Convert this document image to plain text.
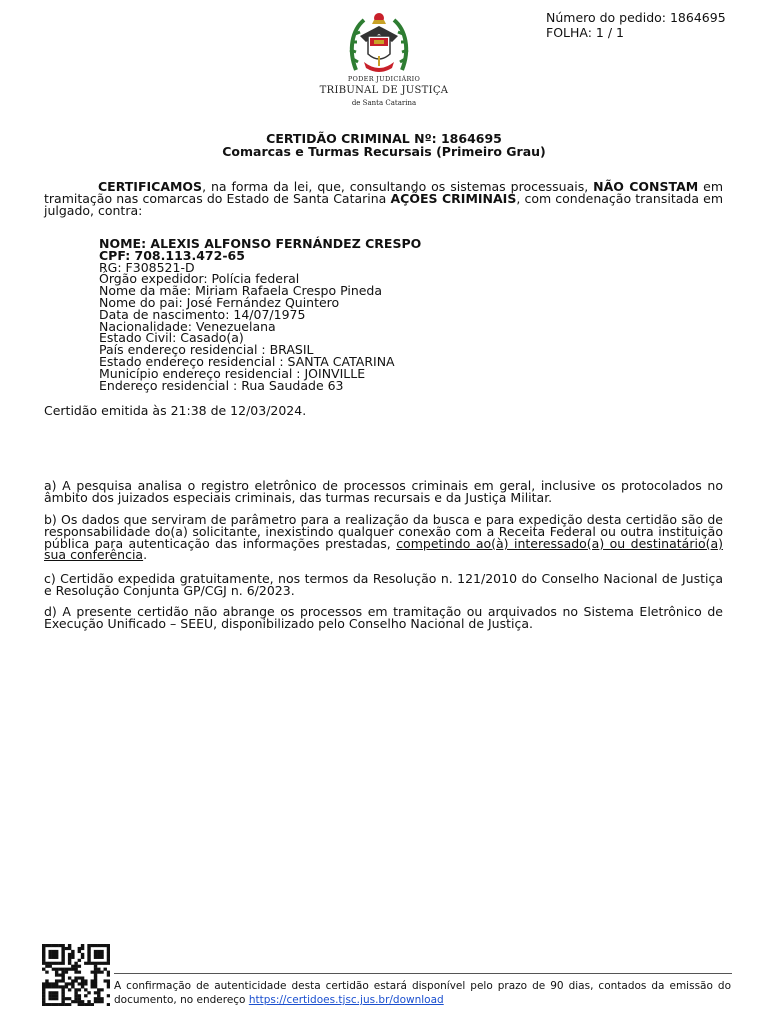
Número do pedido: 1864695
FOLHA: 1 / 1
PODER JUDICIÁRIO
TRIBUNAL DE JUSTIÇA
de Santa Catarina
CERTIDÃO CRIMINAL Nº: 1864695
Comarcas e Turmas Recursais (Primeiro Grau)
CERTIFICAMOS, na forma da lei, que, consultando os sistemas processuais, NÃO CONSTAM em tramitação nas comarcas do Estado de Santa Catarina AÇÕES CRIMINAIS, com condenação transitada em julgado, contra:
NOME: ALEXIS ALFONSO FERNÁNDEZ CRESPO
CPF: 708.113.472-65
RG: F308521-D
Órgão expedidor: Polícia federal
Nome da mãe: Miriam Rafaela Crespo Pineda
Nome do pai: José Fernández Quintero
Data de nascimento: 14/07/1975
Nacionalidade: Venezuelana
Estado Civil: Casado(a)
País endereço residencial : BRASIL
Estado endereço residencial : SANTA CATARINA
Município endereço residencial : JOINVILLE
Endereço residencial : Rua Saudade 63
Certidão emitida às 21:38 de 12/03/2024.
a) A pesquisa analisa o registro eletrônico de processos criminais em geral, inclusive os protocolados no âmbito dos juizados especiais criminais, das turmas recursais e da Justiça Militar.
b) Os dados que serviram de parâmetro para a realização da busca e para expedição desta certidão são de responsabilidade do(a) solicitante, inexistindo qualquer conexão com a Receita Federal ou outra instituição pública para autenticação das informações prestadas, competindo ao(à) interessado(a) ou destinatário(a) sua conferência.
c) Certidão expedida gratuitamente, nos termos da Resolução n. 121/2010 do Conselho Nacional de Justiça e Resolução Conjunta GP/CGJ n. 6/2023.
d) A presente certidão não abrange os processos em tramitação ou arquivados no Sistema Eletrônico de Execução Unificado – SEEU, disponibilizado pelo Conselho Nacional de Justiça.
A confirmação de autenticidade desta certidão estará disponível pelo prazo de 90 dias, contados da emissão do documento, no endereço https://certidoes.tjsc.jus.br/download
